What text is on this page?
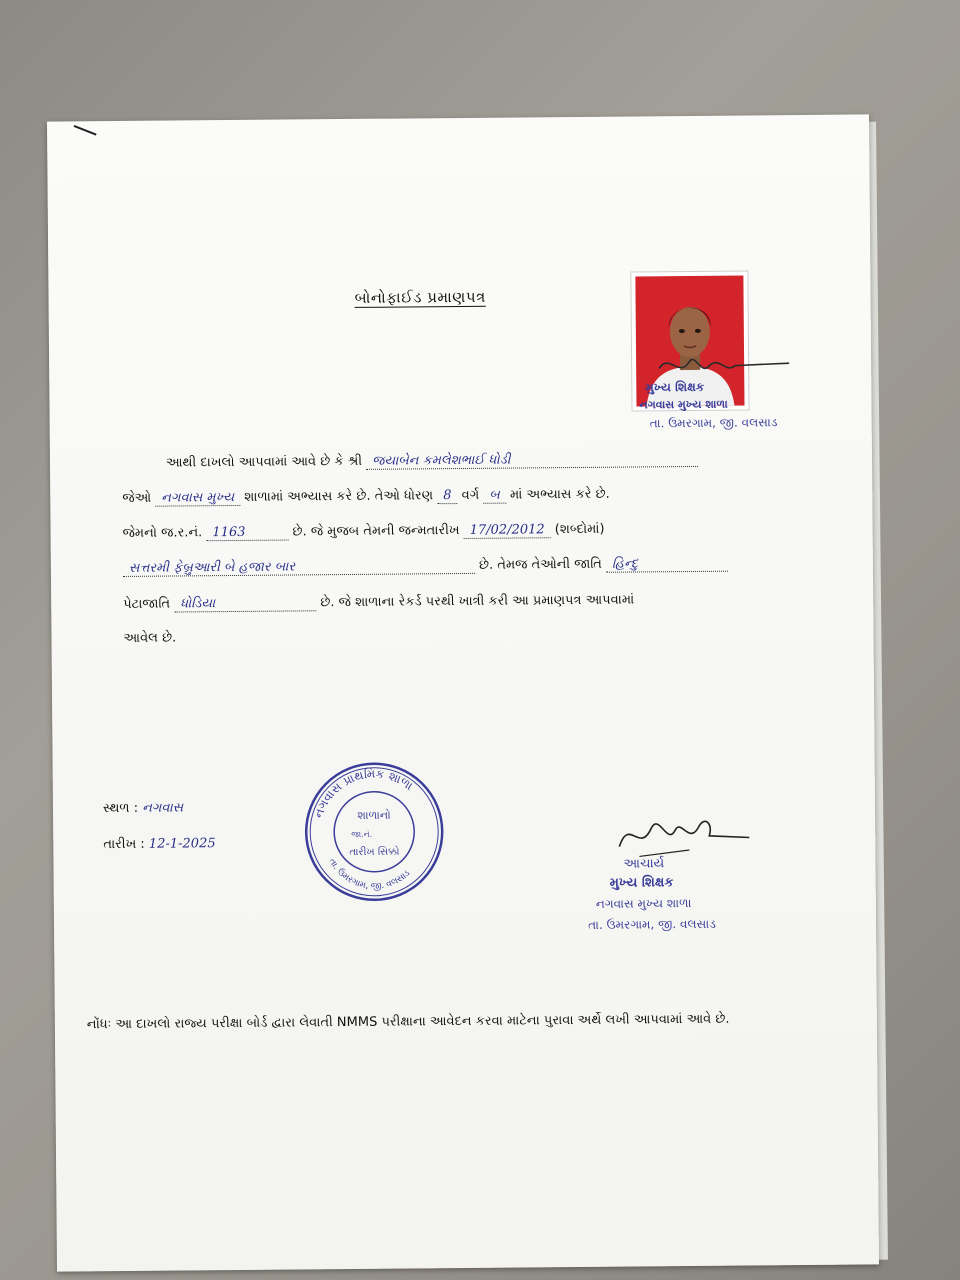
બોનોફાઈડ પ્રમાણપત્ર
મુખ્ય શિક્ષક
નગવાસ મુખ્ય શાળા
તા. ઉમરગામ, જી. વલસાડ
આથી દાખલો આપવામાં આવે છે કે શ્રી જયાબેન કમલેશભાઈ ધોડી
જેઓ નગવાસ મુખ્ય શાળામાં અભ્યાસ કરે છે. તેઓ ધોરણ 8 વર્ગ બ માં અભ્યાસ કરે છે.
જેમનો જ.ર.નં. 1163	છે. જે મુજબ તેમની જન્મતારીખ 17/02/2012 (શબ્દોમાં)
સત્તરમી ફેબ્રુઆરી બે હજાર બાર	છે. તેમજ તેઓની જાતિ હિન્દુ
પેટાજાતિ ધોડિયા	છે. જે શાળાના રેકર્ડ પરથી ખાત્રી કરી આ પ્રમાણપત્ર આપવામાં
આવેલ છે.
સ્થળ : નગવાસ
તારીખ : 12-1-2025
નગવાસ પ્રાથમિક શાળા
તા. ઉમરગામ, જી. વલસાડ
શાળાનો
જા.નં.
તારીખ સિક્કો
આચાર્ય
મુખ્ય શિક્ષક
નગવાસ મુખ્ય શાળા
તા. ઉમરગામ, જી. વલસાડ
નોંધઃ આ દાખલો રાજ્ય પરીક્ષા બોર્ડ દ્વારા લેવાતી NMMS પરીક્ષાના આવેદન કરવા માટેના પુરાવા અર્થે લખી આપવામાં આવે છે.
